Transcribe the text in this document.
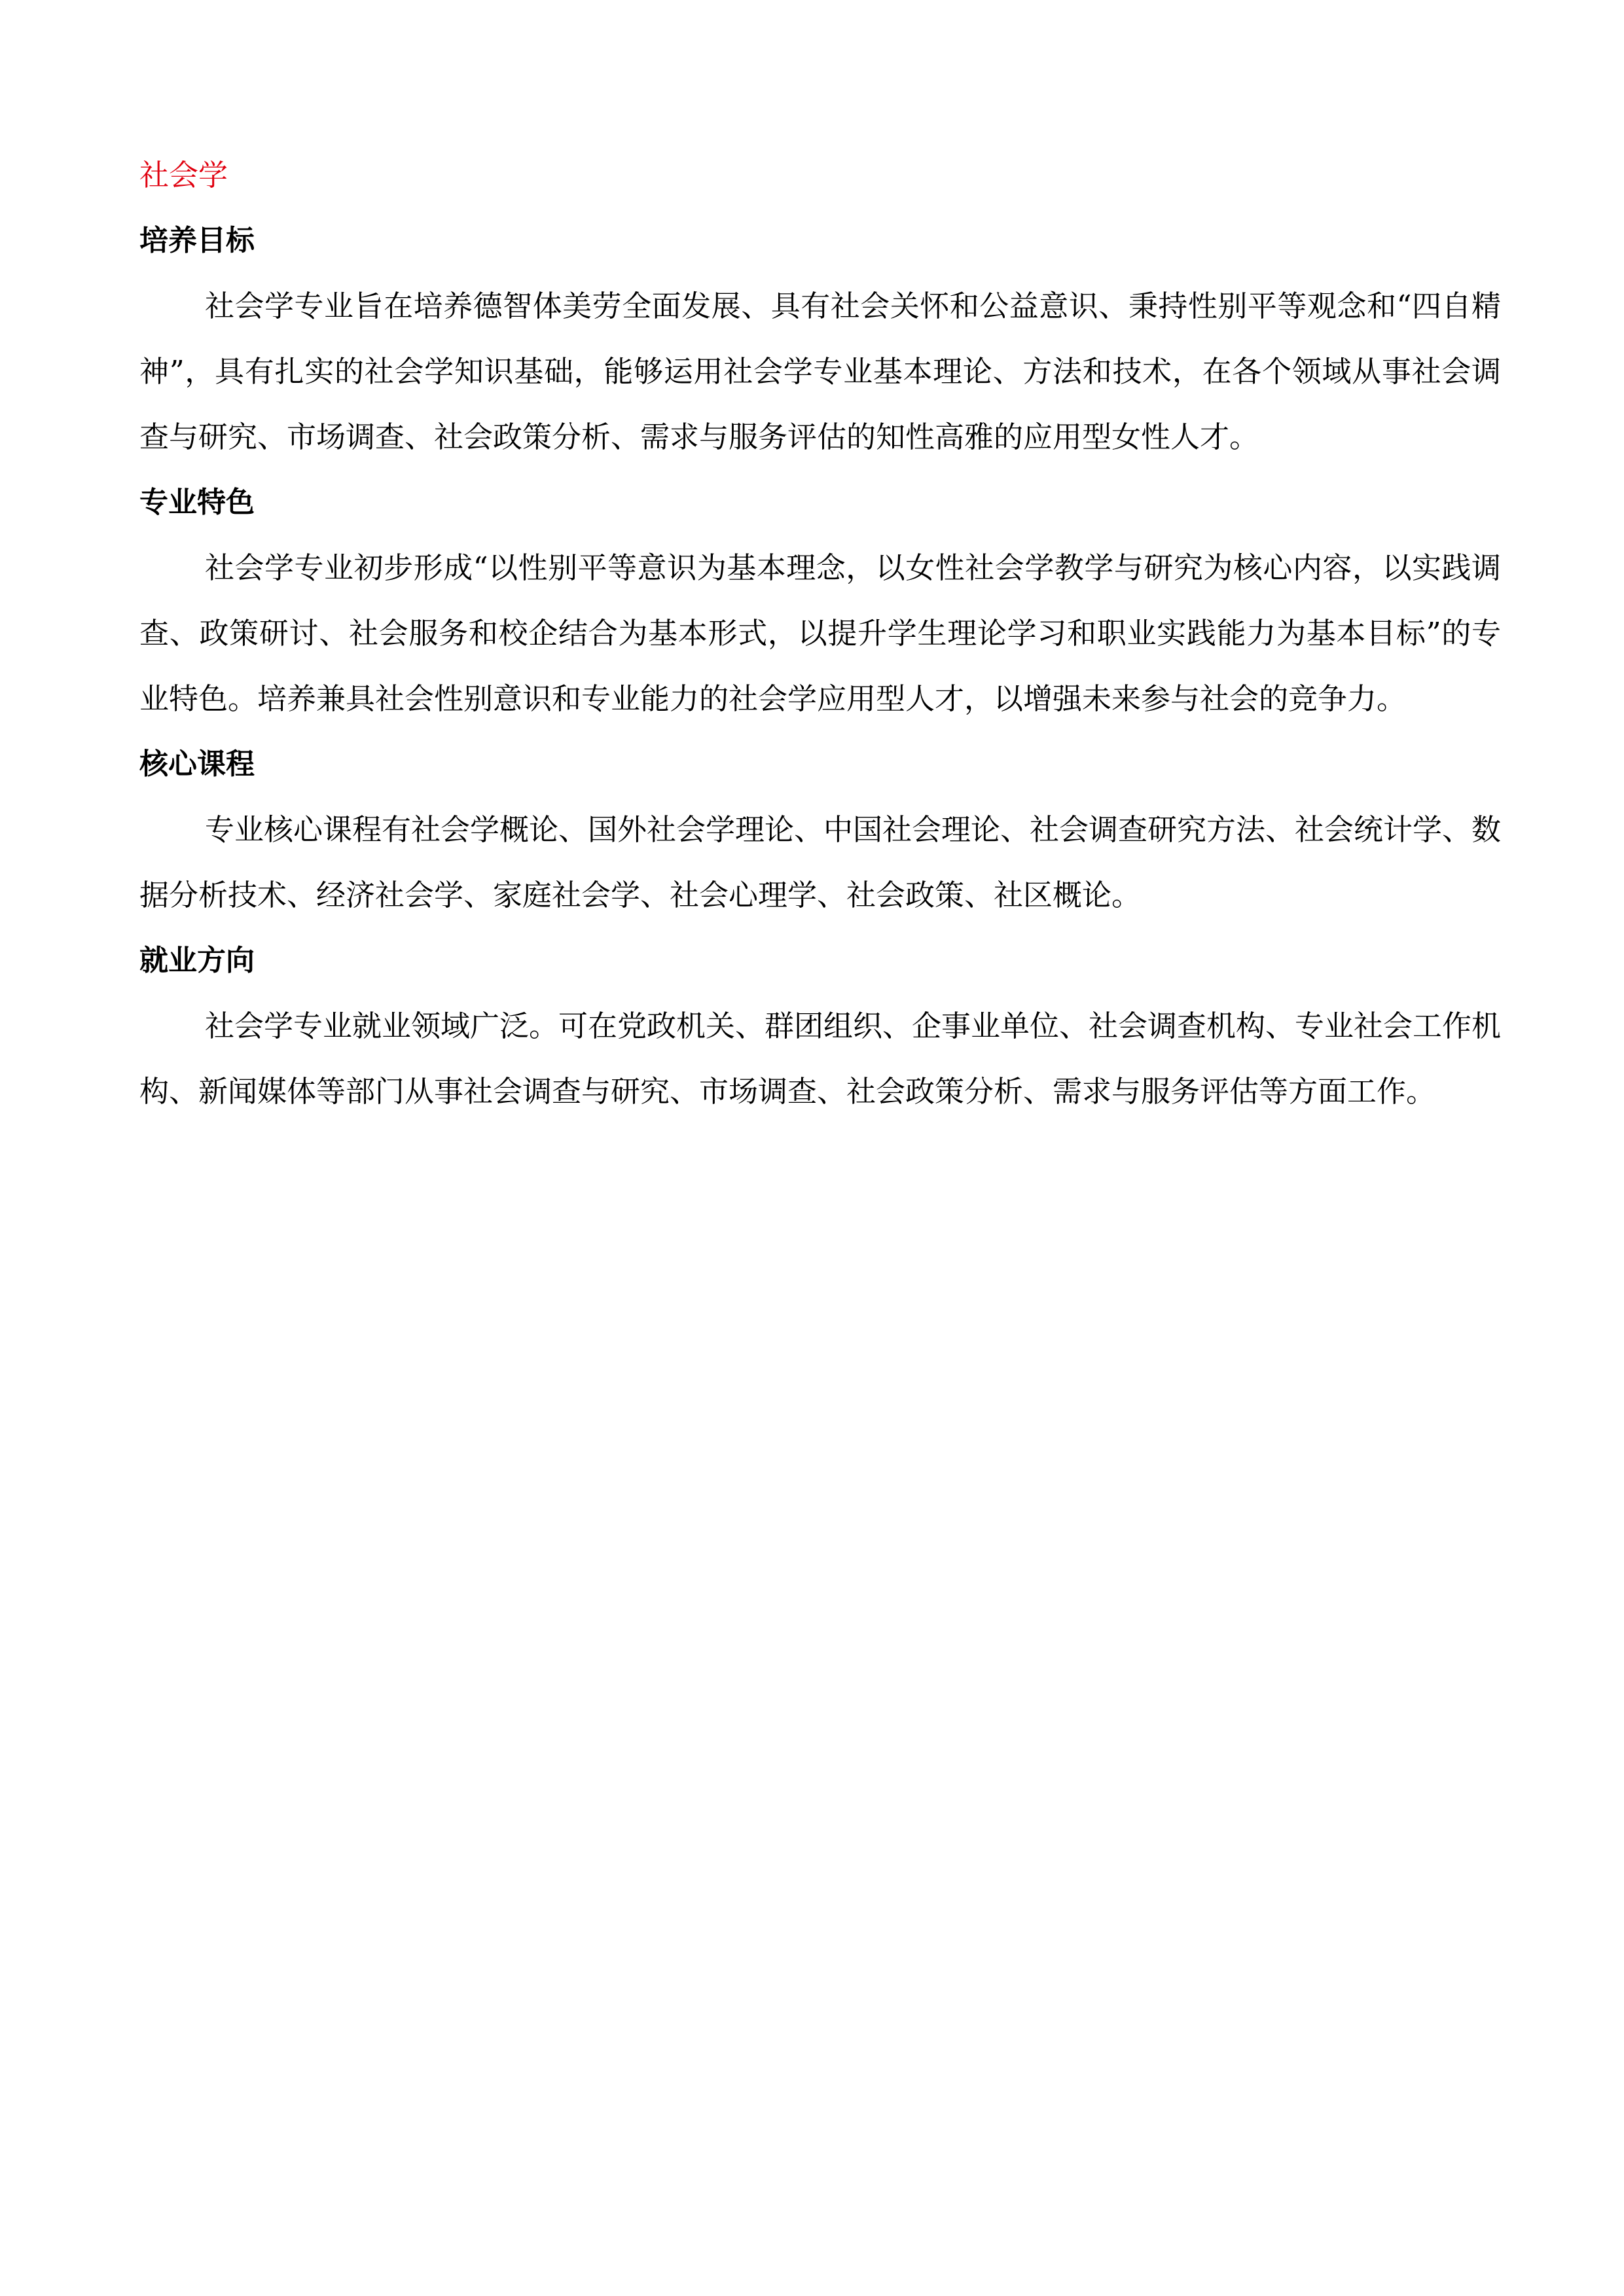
社会学
培养目标

社会学专业旨在培养德智体美劳全面发展、具有社会关怀和公益意识、秉持性别平等观念和“四自精神”，具有扎实的社会学知识基础，能够运用社会学专业基本理论、方法和技术，在各个领域从事社会调查与研究、市场调查、社会政策分析、需求与服务评估的知性高雅的应用型女性人才。

专业特色

社会学专业初步形成“以性别平等意识为基本理念，以女性社会学教学与研究为核心内容，以实践调查、政策研讨、社会服务和校企结合为基本形式，以提升学生理论学习和职业实践能力为基本目标”的专业特色。培养兼具社会性别意识和专业能力的社会学应用型人才，以增强未来参与社会的竞争力。

核心课程

专业核心课程有社会学概论、国外社会学理论、中国社会理论、社会调查研究方法、社会统计学、数据分析技术、经济社会学、家庭社会学、社会心理学、社会政策、社区概论。

就业方向

社会学专业就业领域广泛。可在党政机关、群团组织、企事业单位、社会调查机构、专业社会工作机构、新闻媒体等部门从事社会调查与研究、市场调查、社会政策分析、需求与服务评估等方面工作。
